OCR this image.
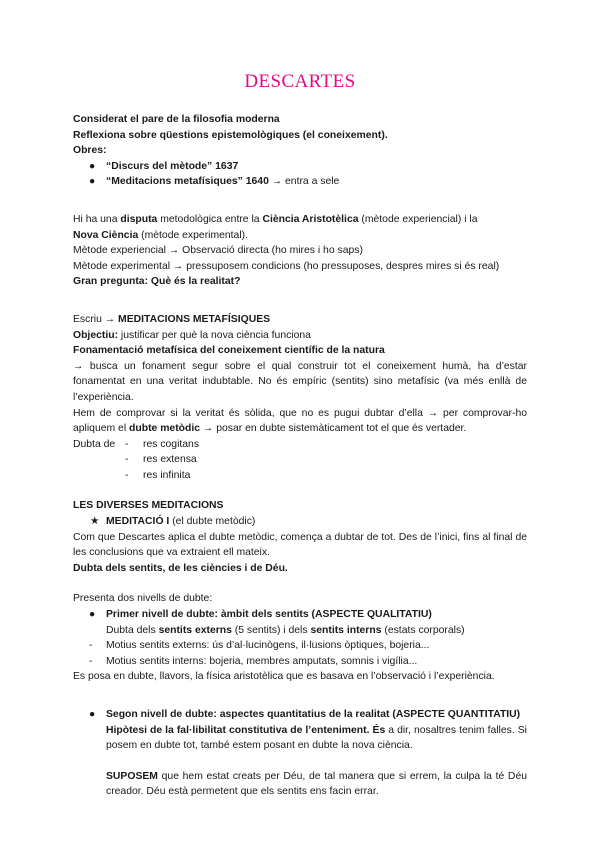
DESCARTES

Considerat el pare de la filosofia moderna

Reflexiona sobre qüestions epistemològiques (el coneixement).

Obres:

● “Discurs del mètode” 1637

● “Meditacions metafísiques” 1640 → entra a sele

Hi ha una disputa metodològica entre la Ciència Aristotèlica (mètode experiencial) i la

Nova Ciència (mètode experimental).

Mètode experiencial → Observació directa (ho mires i ho saps)

Mètode experimental → pressuposem condicions (ho pressuposes, despres mires si és real)

Gran pregunta: Què és la realitat?

Escriu → MEDITACIONS METAFÍSIQUES

Objectiu: justificar per què la nova ciència funciona

Fonamentació metafísica del coneixement científic de la natura

→ busca un fonament segur sobre el qual construir tot el coneixement humà, ha d’estar fonamentat en una veritat indubtable. No és empíric (sentits) sino metafísic (va més enllà de l’experiència.

Hem de comprovar si la veritat és sòlida, que no es pugui dubtar d’ella → per comprovar-ho apliquem el dubte metòdic → posar en dubte sistemàticament tot el que és vertader.

Dubta de -	res cogitans

-	res extensa

-	res infinita

LES DIVERSES MEDITACIONS

★ MEDITACIÓ I (el dubte metòdic)

Com que Descartes aplica el dubte metòdic, comença a dubtar de tot. Des de l’inici, fins al final de les conclusions que va extraient ell mateix.

Dubta dels sentits, de les ciències i de Déu.

Presenta dos nivells de dubte:

● Primer nivell de dubte: àmbit dels sentits (ASPECTE QUALITATIU)

Dubta dels sentits externs (5 sentits) i dels sentits interns (estats corporals)

- Motius sentits externs: ús d’al·lucinògens, il·lusions òptiques, bojeria...

- Motius sentits interns: bojeria, membres amputats, somnis i vigília...

Es posa en dubte, llavors, la física aristotèlica que es basava en l’observació i l’experiència.

● Segon nivell de dubte: aspectes quantitatius de la realitat (ASPECTE QUANTITATIU)

Hipòtesi de la fal·libilitat constitutiva de l’enteniment. És a dir, nosaltres tenim falles. Si posem en dubte tot, també estem posant en dubte la nova ciència.

SUPOSEM que hem estat creats per Déu, de tal manera que si errem, la culpa la té Déu creador. Déu està permetent que els sentits ens facin errar.
